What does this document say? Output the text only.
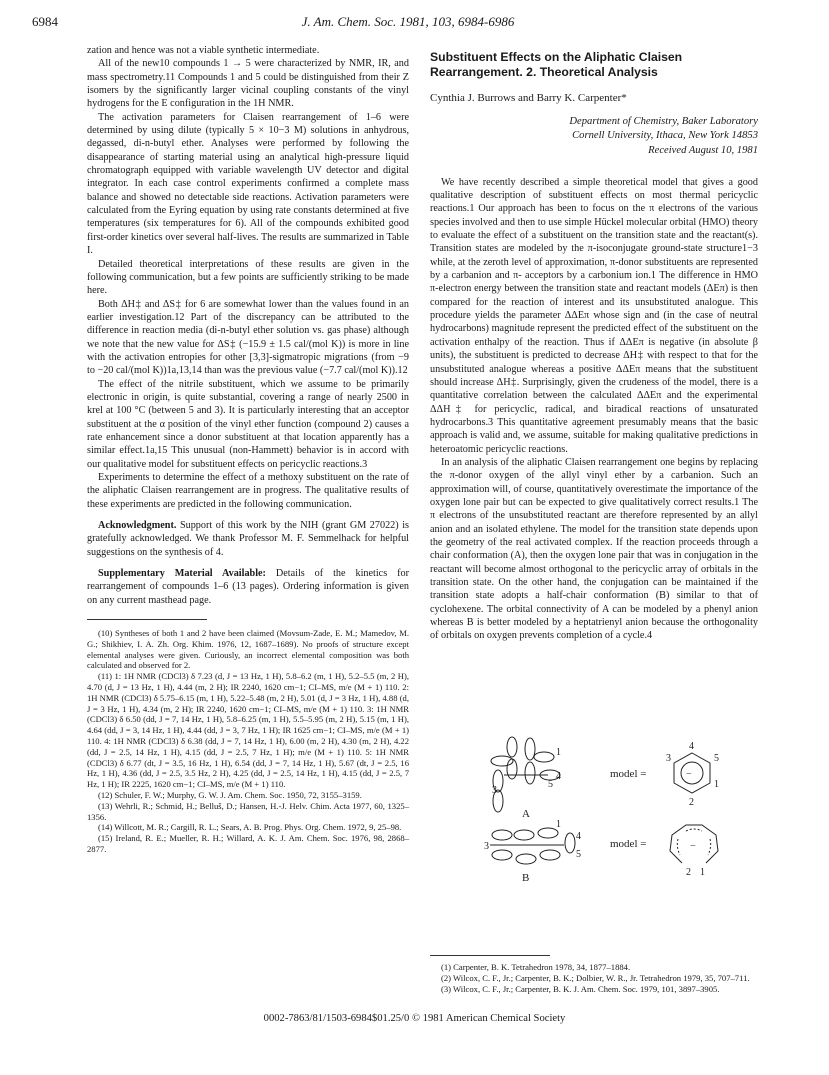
6984	J. Am. Chem. Soc. 1981, 103, 6984-6986

zation and hence was not a viable synthetic intermediate.

All of the new10 compounds 1 → 5 were characterized by NMR, IR, and mass spectrometry.11 Compounds 1 and 5 could be distinguished from their Z isomers by the significantly larger vicinal coupling constants of the vinyl hydrogens for the E configuration in the 1H NMR.

The activation parameters for Claisen rearrangement of 1–6 were determined by using dilute (typically 5 × 10−3 M) solutions in anhydrous, degassed, di-n-butyl ether. Analyses were performed by following the disappearance of starting material using an analytical high-pressure liquid chromatograph equipped with variable wavelength UV detector and digital integrator. In each case control experiments confirmed a complete mass balance and showed no detectable side reactions. Activation parameters were calculated from the Eyring equation by using rate constants determined at five temperatures (six temperatures for 6). All of the compounds exhibited good first-order kinetics over several half-lives. The results are summarized in Table I.

Detailed theoretical interpretations of these results are given in the following communication, but a few points are sufficiently striking to be made here.

Both ΔH‡ and ΔS‡ for 6 are somewhat lower than the values found in an earlier investigation.12 Part of the discrepancy can be attributed to the difference in reaction media (di-n-butyl ether solution vs. gas phase) although we note that the new value for ΔS‡ (−15.9 ± 1.5 cal/(mol K)) is more in line with the activation entropies for other [3,3]-sigmatropic migrations (from −9 to −20 cal/(mol K))1a,13,14 than was the previous value (−7.7 cal/(mol K)).12

The effect of the nitrile substituent, which we assume to be primarily electronic in origin, is quite substantial, covering a range of nearly 2500 in krel at 100 °C (between 5 and 3). It is particularly interesting that an acceptor substituent at the α position of the vinyl ether function (compound 2) causes a rate enhancement since a donor substituent at that location apparently has a similar effect.1a,15 This unusual (non-Hammett) behavior is in accord with our qualitative model for substituent effects on pericyclic reactions.3

Experiments to determine the effect of a methoxy substituent on the rate of the aliphatic Claisen rearrangement are in progress. The qualitative results of these experiments are predicted in the following communication.

Acknowledgment. Support of this work by the NIH (grant GM 27022) is gratefully acknowledged. We thank Professor M. F. Semmelhack for helpful suggestions on the synthesis of 4.

Supplementary Material Available: Details of the kinetics for rearrangement of compounds 1–6 (13 pages). Ordering information is given on any current masthead page.

(10) Syntheses of both 1 and 2 have been claimed (Movsum-Zade, E. M.; Mamedov, M. G.; Shikhiev, I. A. Zh. Org. Khim. 1976, 12, 1687–1689). No proofs of structure except elemental analyses were given. Curiously, an incorrect elemental composition was both calculated and observed for 2.

(11) 1: 1H NMR (CDCl3) δ 7.23 (d, J = 13 Hz, 1 H), 5.8–6.2 (m, 1 H), 5.2–5.5 (m, 2 H), 4.70 (d, J = 13 Hz, 1 H), 4.44 (m, 2 H); IR 2240, 1620 cm−1; CI–MS, m/e (M + 1) 110. 2: 1H NMR (CDCl3) δ 5.75–6.15 (m, 1 H), 5.22–5.48 (m, 2 H), 5.01 (d, J = 3 Hz, 1 H), 4.88 (d, J = 3 Hz, 1 H), 4.34 (m, 2 H); IR 2240, 1620 cm−1; CI–MS, m/e (M + 1) 110. 3: 1H NMR (CDCl3) δ 6.50 (dd, J = 7, 14 Hz, 1 H), 5.8–6.25 (m, 1 H), 5.5–5.95 (m, 2 H), 5.15 (m, 1 H), 4.64 (dd, J = 3, 14 Hz, 1 H), 4.44 (dd, J = 3, 7 Hz, 1 H); IR 1625 cm−1; CI–MS, m/e (M + 1) 110. 4: 1H NMR (CDCl3) δ 6.38 (dd, J = 7, 14 Hz, 1 H), 6.00 (m, 2 H), 4.30 (m, 2 H), 4.22 (dd, J = 2.5, 14 Hz, 1 H), 4.15 (dd, J = 2.5, 7 Hz, 1 H); m/e (M + 1) 110. 5: 1H NMR (CDCl3) δ 6.77 (dt, J = 3.5, 16 Hz, 1 H), 6.54 (dd, J = 7, 14 Hz, 1 H), 5.67 (dt, J = 2.5, 16 Hz, 1 H), 4.36 (dd, J = 2.5, 3.5 Hz, 2 H), 4.25 (dd, J = 2.5, 14 Hz, 1 H), 4.15 (dd, J = 2.5, 7 Hz, 1 H); IR 2225, 1620 cm−1; CI–MS, m/e (M + 1) 110.

(12) Schuler, F. W.; Murphy, G. W. J. Am. Chem. Soc. 1950, 72, 3155–3159.

(13) Wehrli, R.; Schmid, H.; Belluš, D.; Hansen, H.-J. Helv. Chim. Acta 1977, 60, 1325–1356.

(14) Willcott, M. R.; Cargill, R. L.; Sears, A. B. Prog. Phys. Org. Chem. 1972, 9, 25–98.

(15) Ireland, R. E.; Mueller, R. H.; Willard, A. K. J. Am. Chem. Soc. 1976, 98, 2868–2877.

Substituent Effects on the Aliphatic Claisen Rearrangement. 2. Theoretical Analysis
Cynthia J. Burrows and Barry K. Carpenter*
Department of Chemistry, Baker Laboratory
Cornell University, Ithaca, New York 14853
Received August 10, 1981

We have recently described a simple theoretical model that gives a good qualitative description of substituent effects on most thermal pericyclic reactions.1 Our approach has been to focus on the π electrons of the various species involved and then to use simple Hückel molecular orbital (HMO) theory to evaluate the effect of a substituent on the transition state and the reactant(s). Transition states are modeled by the π-isoconjugate ground-state structure1−3 while, at the zeroth level of approximation, π-donor substituents are represented by a carbanion and π- acceptors by a carbonium ion.1 The difference in HMO π-electron energy between the transition state and reactant models (ΔEπ) is then compared for the reaction of interest and its unsubstituted analogue. This procedure yields the parameter ΔΔEπ whose sign and (in the case of neutral hydrocarbons) magnitude represent the predicted effect of the substituent on the activation enthalpy of the reaction. Thus if ΔΔEπ is negative (in absolute β units), the substituent is predicted to decrease ΔH‡ with respect to that for the unsubstituted analogue whereas a positive ΔΔEπ means that the substituent should increase ΔH‡. Surprisingly, given the crudeness of the model, there is a quantitative correlation between the calculated ΔΔEπ and the experimental ΔΔH‡ for pericyclic, radical, and biradical reactions of unsaturated hydrocarbons.3 This quantitative agreement presumably means that the basic approach is valid and, we assume, suitable for making qualitative predictions in heteroatomic pericyclic reactions.

In an analysis of the aliphatic Claisen rearrangement one begins by replacing the π-donor oxygen of the allyl vinyl ether by a carbanion. Such an approximation will, of course, quantitatively overestimate the importance of the oxygen lone pair but can be expected to give qualitatively correct results.1 The π electrons of the unsubstituted reactant are therefore represented by an allyl anion and an isolated ethylene. The model for the transition state depends upon the geometry of the real activated complex. If the reaction proceeds through a chair conformation (A), then the oxygen lone pair that was in conjugation in the reactant will become almost orthogonal to the pericyclic array of orbitals in the transition state. On the other hand, the conjugation can be maintained if the transition state adopts a half-chair conformation (B) similar to that of cyclohexene. The orbital connectivity of A can be modeled by a phenyl anion whereas B is better modeled by a heptatrienyl anion because the orthogonality of orbitals on oxygen prevents completion of a cycle.4

1
3
4
5
A
model =	−
5
1
2
3
4
3
1
4
5
B
model =	−
2 1

(1) Carpenter, B. K. Tetrahedron 1978, 34, 1877–1884.

(2) Wilcox, C. F., Jr.; Carpenter, B. K.; Dolbier, W. R., Jr. Tetrahedron 1979, 35, 707–711.

(3) Wilcox, C. F., Jr.; Carpenter, B. K. J. Am. Chem. Soc. 1979, 101, 3897–3905.

0002-7863/81/1503-6984$01.25/0 © 1981 American Chemical Society
